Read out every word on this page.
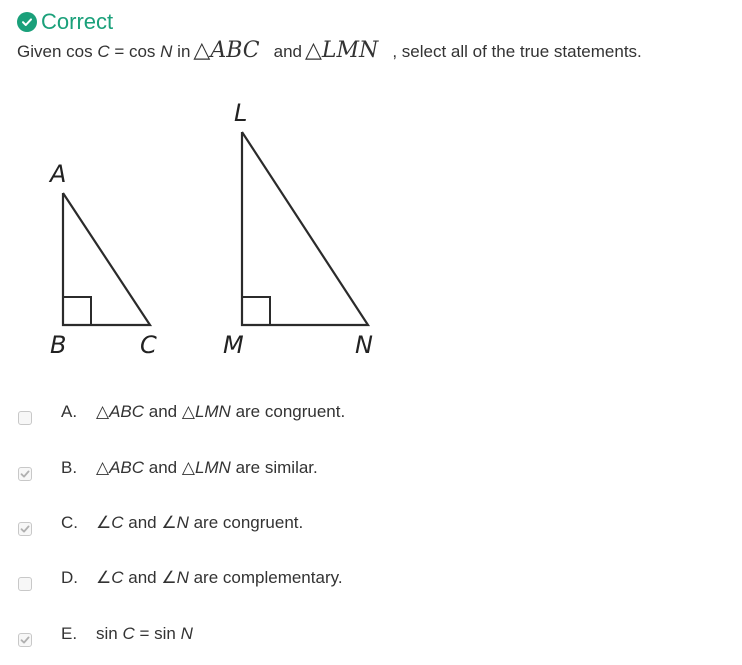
Correct
Given cos C = cos N in △ABC and △LMN , select all of the true statements.
A
B	C
L
M	N
A.	△ABC and △LMN are congruent.
B.	△ABC and △LMN are similar.
C.	∠C and ∠N are congruent.
D.	∠C and ∠N are complementary.
E.	sin C = sin N
